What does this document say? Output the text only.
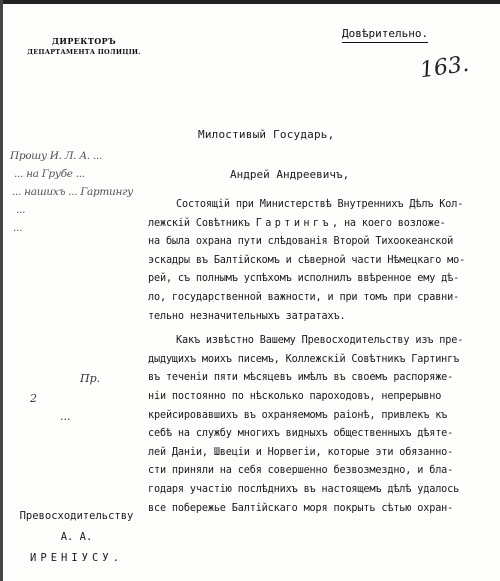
ДИРЕКТОРЪ
ДЕПАРТАМЕНТА ПОЛИЦІИ.
Довѣрительно.
163.
Милостивый Государь,
Прошу И. Л. А. ...
... на Грубе ...
... нашихъ ... Гартингу
...
...
Андрей Андреевичъ,
2
Пр.
...

Состоящій при Министерствѣ Внутреннихъ Дѣлъ Кол-

лежскій Совѣтникъ Гартингъ, на коего возложе-

на была охрана пути слѣдованія Второй Тихоокеанской

эскадры въ Балтійскомъ и сѣверной части Нѣмецкаго мо-

рей, съ полнымъ успѣхомъ исполнилъ ввѣренное ему дѣ-

ло, государственной важности, и при томъ при сравни-

тельно незначительныхъ затратахъ.

Какъ извѣстно Вашему Превосходительству изъ пре-

дыдущихъ моихъ писемъ, Коллежскій Совѣтникъ Гартингъ

въ теченіи пяти мѣсяцевъ имѣлъ въ своемъ распоряже-

ніи постоянно по нѣсколько пароходовъ, непрерывно

крейсировавшихъ въ охраняемомъ раіонѣ, привлекъ къ

себѣ на службу многихъ видныхъ общественныхъ дѣяте-

лей Даніи, Швеціи и Норвегіи, которые эти обязанно-

сти приняли на себя совершенно безвозмездно, и бла-

годаря участію послѣднихъ въ настоящемъ дѣлѣ удалось

все побережье Балтійскаго моря покрыть сѣтью охран-

Превосходительству
А. А.
ИРЕНІУСУ.
